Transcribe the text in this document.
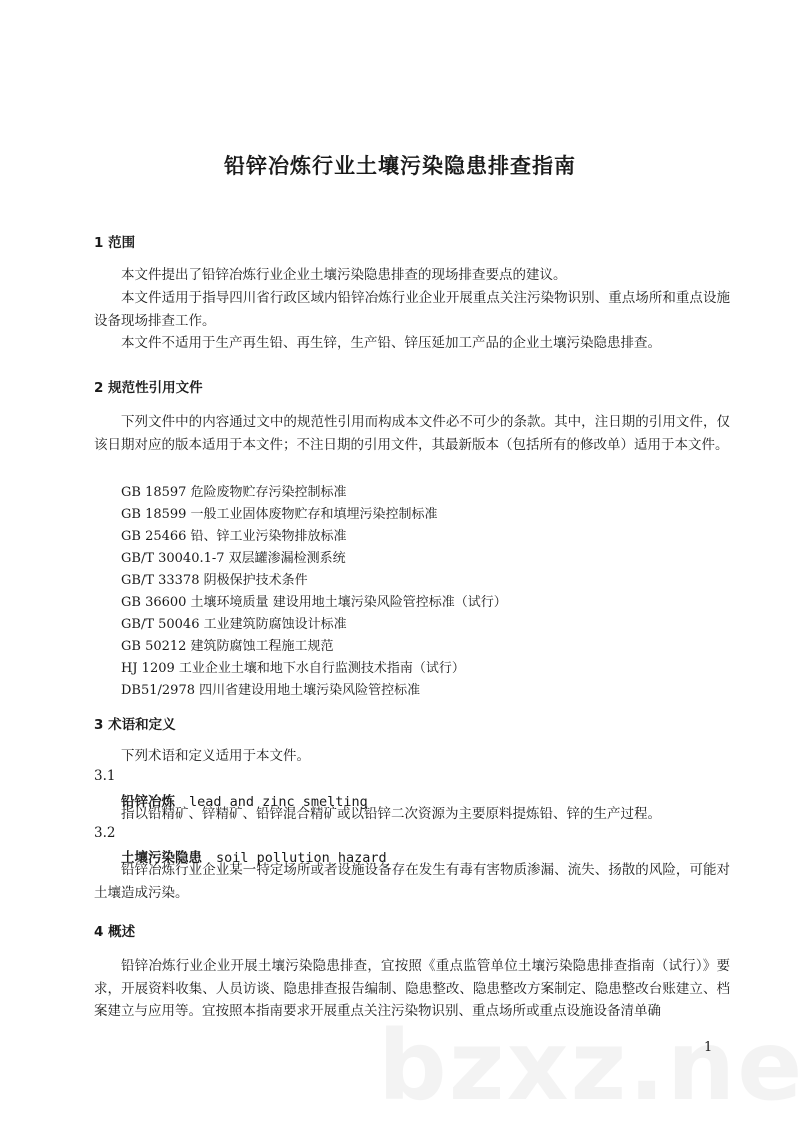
铅锌冶炼行业土壤污染隐患排查指南
1 范围
本文件提出了铅锌冶炼行业企业土壤污染隐患排查的现场排查要点的建议。
本文件适用于指导四川省行政区域内铅锌冶炼行业企业开展重点关注污染物识别、重点场所和重点设施设备现场排查工作。
本文件不适用于生产再生铅、再生锌，生产铅、锌压延加工产品的企业土壤污染隐患排查。
2 规范性引用文件
下列文件中的内容通过文中的规范性引用而构成本文件必不可少的条款。其中，注日期的引用文件，仅该日期对应的版本适用于本文件；不注日期的引用文件，其最新版本（包括所有的修改单）适用于本文件。
GB 18597 危险废物贮存污染控制标准
GB 18599 一般工业固体废物贮存和填埋污染控制标准
GB 25466 铅、锌工业污染物排放标准
GB/T 30040.1-7 双层罐渗漏检测系统
GB/T 33378 阴极保护技术条件
GB 36600 土壤环境质量 建设用地土壤污染风险管控标准（试行）
GB/T 50046 工业建筑防腐蚀设计标准
GB 50212 建筑防腐蚀工程施工规范
HJ 1209 工业企业土壤和地下水自行监测技术指南（试行）
DB51/2978 四川省建设用地土壤污染风险管控标准
3 术语和定义
下列术语和定义适用于本文件。
3.1
铅锌冶炼 lead and zinc smelting
指以铅精矿、锌精矿、铅锌混合精矿或以铅锌二次资源为主要原料提炼铅、锌的生产过程。
3.2
土壤污染隐患 soil pollution hazard
铅锌冶炼行业企业某一特定场所或者设施设备存在发生有毒有害物质渗漏、流失、扬散的风险，可能对土壤造成污染。
4 概述
铅锌冶炼行业企业开展土壤污染隐患排查，宜按照《重点监管单位土壤污染隐患排查指南（试行）》要求，开展资料收集、人员访谈、隐患排查报告编制、隐患整改、隐患整改方案制定、隐患整改台账建立、档案建立与应用等。宜按照本指南要求开展重点关注污染物识别、重点场所或重点设施设备清单确
1
